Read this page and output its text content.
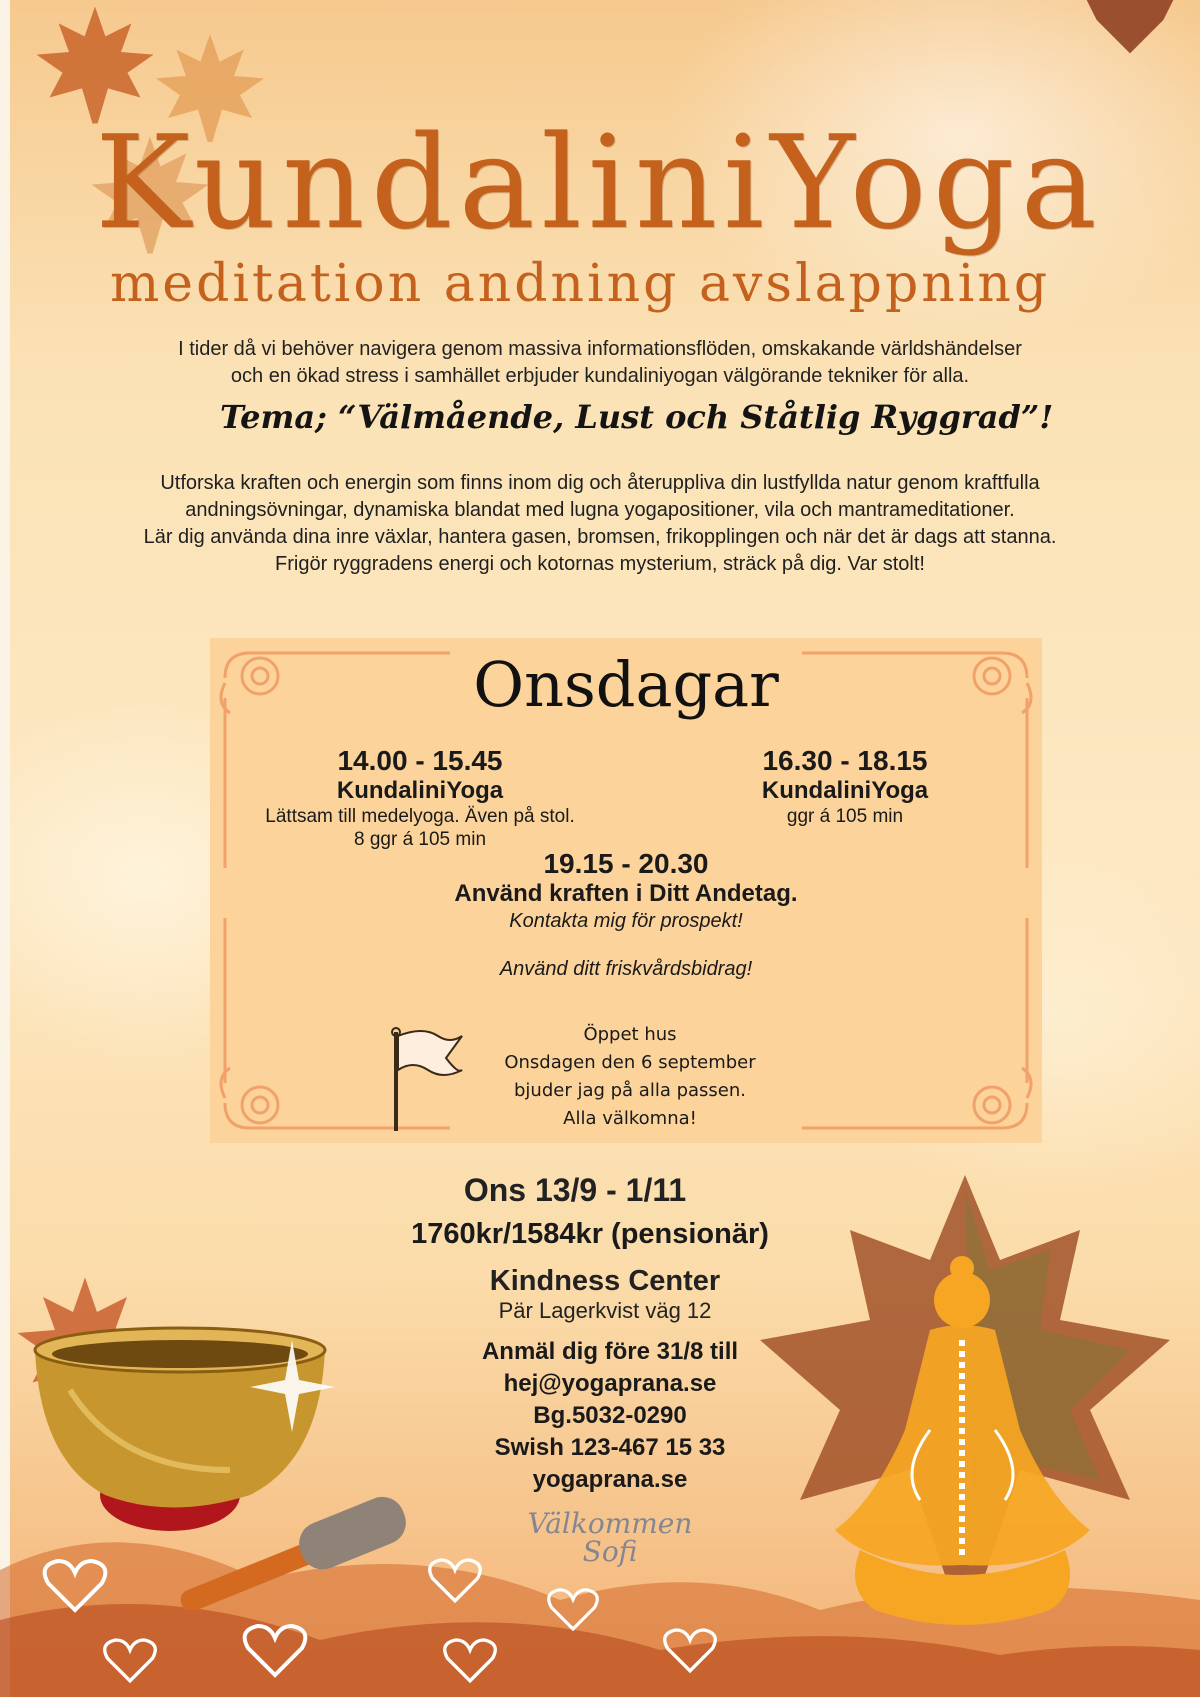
KundaliniYoga
meditation andning avslappning
I tider då vi behöver navigera genom massiva informationsflöden, omskakande världshändelser
och en ökad stress i samhället erbjuder kundaliniyogan välgörande tekniker för alla.
Tema; “Välmående, Lust och Ståtlig Ryggrad”!
Utforska kraften och energin som finns inom dig och återuppliva din lustfyllda natur genom kraftfulla
andningsövningar, dynamiska blandat med lugna yogapositioner, vila och mantrameditationer.
Lär dig använda dina inre växlar, hantera gasen, bromsen, frikopplingen och när det är dags att stanna.
Frigör ryggradens energi och kotornas mysterium, sträck på dig. Var stolt!
Onsdagar
14.00 - 15.45
KundaliniYoga
Lättsam till medelyoga. Även på stol.
8 ggr á 105 min
16.30 - 18.15
KundaliniYoga
ggr á 105 min
19.15 - 20.30
Använd kraften i Ditt Andetag.
Kontakta mig för prospekt!
Använd ditt friskvårdsbidrag!
Öppet hus
Onsdagen den 6 september
bjuder jag på alla passen.
Alla välkomna!
Ons 13/9 - 1/11
1760kr/1584kr (pensionär)
Kindness Center
Pär Lagerkvist väg 12
Anmäl dig före 31/8 till
hej@yogaprana.se
Bg.5032-0290
Swish 123-467 15 33
yogaprana.se
Välkommen
Sofi
